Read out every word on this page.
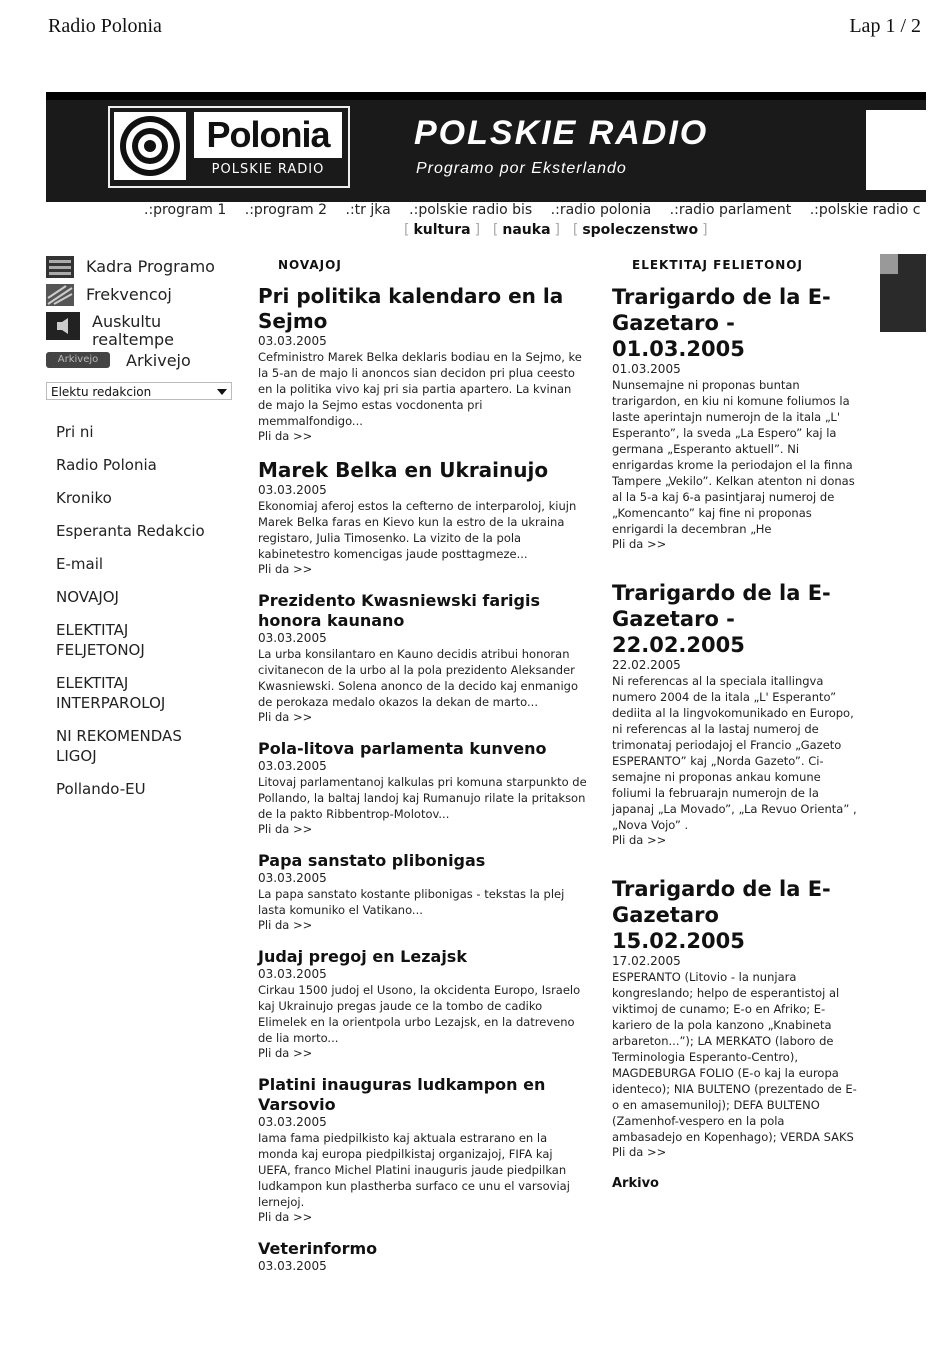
Radio Polonia	Lap 1 / 2
Polonia
POLSKIE RADIO
POLSKIE RADIO
Programo por Eksterlando
.:program 1 .:program 2 .:tr jka .:polskie radio bis .:radio polonia .:radio parlament .:polskie radio c
[ kultura ] [ nauka ] [ spoleczenstwo ]
Kadra Programo
Frekvencoj
Auskultu realtempe
Arkivejo	Arkivejo
Elektu redakcion
Pri ni
Radio Polonia
Kroniko
Esperanta Redakcio
E-mail
NOVAJOJ
ELEKTITAJ FELJETONOJ
ELEKTITAJ INTERPAROLOJ
NI REKOMENDAS LIGOJ
Pollando-EU
NOVAJOJ
Pri politika kalendaro en la Sejmo
03.03.2005
Cefministro Marek Belka deklaris bodiau en la Sejmo, ke la 5-an de majo li anoncos sian decidon pri plua ceesto en la politika vivo kaj pri sia partia apartero. La kvinan de majo la Sejmo estas vocdonenta pri memmalfondigo...
Pli da >>
Marek Belka en Ukrainujo
03.03.2005
Ekonomiaj aferoj estos la cefterno de interparoloj, kiujn Marek Belka faras en Kievo kun la estro de la ukraina registaro, Julia Timosenko. La vizito de la pola kabinetestro komencigas jaude posttagmeze...
Pli da >>
Prezidento Kwasniewski farigis honora kaunano
03.03.2005
La urba konsilantaro en Kauno decidis atribui honoran civitanecon de la urbo al la pola prezidento Aleksander Kwasniewski. Solena anonco de la decido kaj enmanigo de perokaza medalo okazos la dekan de marto...
Pli da >>
Pola-litova parlamenta kunveno
03.03.2005
Litovaj parlamentanoj kalkulas pri komuna starpunkto de Pollando, la baltaj landoj kaj Rumanujo rilate la pritakson de la pakto Ribbentrop-Molotov...
Pli da >>
Papa sanstato plibonigas
03.03.2005
La papa sanstato kostante plibonigas - tekstas la plej lasta komuniko el Vatikano...
Pli da >>
Judaj pregoj en Lezajsk
03.03.2005
Cirkau 1500 judoj el Usono, la okcidenta Europo, Israelo kaj Ukrainujo pregas jaude ce la tombo de cadiko Elimelek en la orientpola urbo Lezajsk, en la datreveno de lia morto...
Pli da >>
Platini inauguras ludkampon en Varsovio
03.03.2005
Iama fama piedpilkisto kaj aktuala estrarano en la monda kaj europa piedpilkistaj organizajoj, FIFA kaj UEFA, franco Michel Platini inauguris jaude piedpilkan ludkampon kun plastherba surfaco ce unu el varsoviaj lernejoj.
Pli da >>
Veterinformo
03.03.2005
ELEKTITAJ FELIETONOJ
Trarigardo de la E-Gazetaro - 01.03.2005
01.03.2005
Nunsemajne ni proponas buntan trarigardon, en kiu ni komune foliumos la laste aperintajn numerojn de la itala „L' Esperanto”, la sveda „La Espero” kaj la germana „Esperanto aktuell”. Ni enrigardas krome la periodajon el la finna Tampere „Vekilo”. Kelkan atenton ni donas al la 5-a kaj 6-a pasintjaraj numeroj de „Komencanto” kaj fine ni proponas enrigardi la decembran „He
Pli da >>
Trarigardo de la E-Gazetaro - 22.02.2005
22.02.2005
Ni referencas al la speciala itallingva numero 2004 de la itala „L' Esperanto” dediita al la lingvokomunikado en Europo, ni referencas al la lastaj numeroj de trimonataj periodajoj el Francio „Gazeto ESPERANTO” kaj „Norda Gazeto”. Ci-semajne ni proponas ankau komune foliumi la februarajn numerojn de la japanaj „La Movado”, „La Revuo Orienta” , „Nova Vojo” .
Pli da >>
Trarigardo de la E-Gazetaro 15.02.2005
17.02.2005
ESPERANTO (Litovio - la nunjara kongreslando; helpo de esperantistoj al viktimoj de cunamo; E-o en Afriko; E-kariero de la pola kanzono „Knabineta arbareton...”); LA MERKATO (laboro de Terminologia Esperanto-Centro), MAGDEBURGA FOLIO (E-o kaj la europa identeco); NIA BULTENO (prezentado de E-o en amasemuniloj); DEFA BULTENO (Zamenhof-vespero en la pola ambasadejo en Kopenhago); VERDA SAKS
Pli da >>
Arkivo
